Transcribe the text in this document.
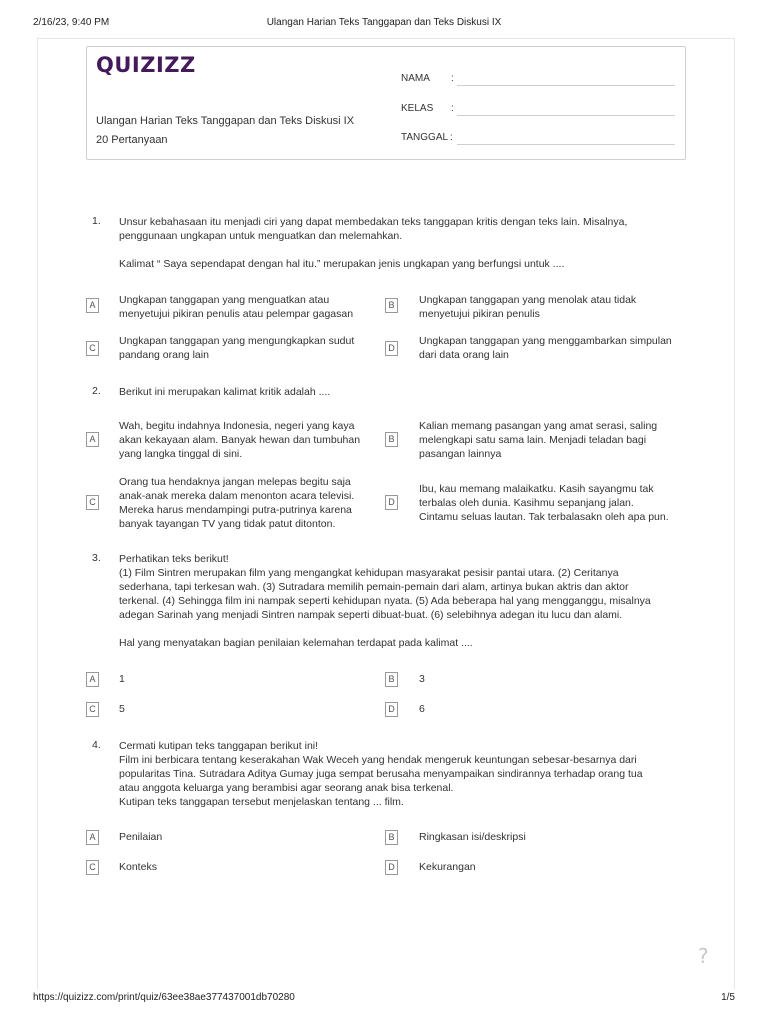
2/16/23, 9:40 PM	Ulangan Harian Teks Tanggapan dan Teks Diskusi IX
QUIZIZZ
Ulangan Harian Teks Tanggapan dan Teks Diskusi IX
20 Pertanyaan
NAMA :
KELAS :
TANGGAL :
1. Unsur kebahasaan itu menjadi ciri yang dapat membedakan teks tanggapan kritis dengan teks lain. Misalnya, penggunaan ungkapan untuk menguatkan dan melemahkan.

Kalimat “ Saya sependapat dengan hal itu.” merupakan jenis ungkapan yang berfungsi untuk ....

A	Ungkapan tanggapan yang menguatkan atau menyetujui pikiran penulis atau pelempar gagasan
B	Ungkapan tanggapan yang menolak atau tidak menyetujui pikiran penulis
C
Ungkapan tanggapan yang mengungkapkan sudut pandang orang lain
D
Ungkapan tanggapan yang menggambarkan simpulan dari data orang lain
2. Berikut ini merupakan kalimat kritik adalah ....

A
Wah, begitu indahnya Indonesia, negeri yang kaya akan kekayaan alam. Banyak hewan dan tumbuhan yang langka tinggal di sini.
B
Kalian memang pasangan yang amat serasi, saling melengkapi satu sama lain. Menjadi teladan bagi pasangan lainnya
C
Orang tua hendaknya jangan melepas begitu saja anak-anak mereka dalam menonton acara televisi. Mereka harus mendampingi putra-putrinya karena banyak tayangan TV yang tidak patut ditonton.
D
Ibu, kau memang malaikatku. Kasih sayangmu tak terbalas oleh dunia. Kasihmu sepanjang jalan. Cintamu seluas lautan. Tak terbalasakn oleh apa pun.
3. Perhatikan teks berikut!
(1) Film Sintren merupakan film yang mengangkat kehidupan masyarakat pesisir pantai utara. (2) Ceritanya sederhana, tapi terkesan wah. (3) Sutradara memilih pemain-pemain dari alam, artinya bukan aktris dan aktor terkenal. (4) Sehingga film ini nampak seperti kehidupan nyata. (5) Ada beberapa hal yang mengganggu, misalnya adegan Sarinah yang menjadi Sintren nampak seperti dibuat-buat. (6) selebihnya adegan itu lucu dan alami.

Hal yang menyatakan bagian penilaian kelemahan terdapat pada kalimat ....

A	1	B	3
C	5	D	6
4. Cermati kutipan teks tanggapan berikut ini!
Film ini berbicara tentang keserakahan Wak Weceh yang hendak mengeruk keuntungan sebesar-besarnya dari popularitas Tina. Sutradara Aditya Gumay juga sempat berusaha menyampaikan sindirannya terhadap orang tua atau anggota keluarga yang berambisi agar seorang anak bisa terkenal.
Kutipan teks tanggapan tersebut menjelaskan tentang ... film.

A	Penilaian	B	Ringkasan isi/deskripsi
C	Konteks	D	Kekurangan
?
https://quizizz.com/print/quiz/63ee38ae377437001db70280	1/5
